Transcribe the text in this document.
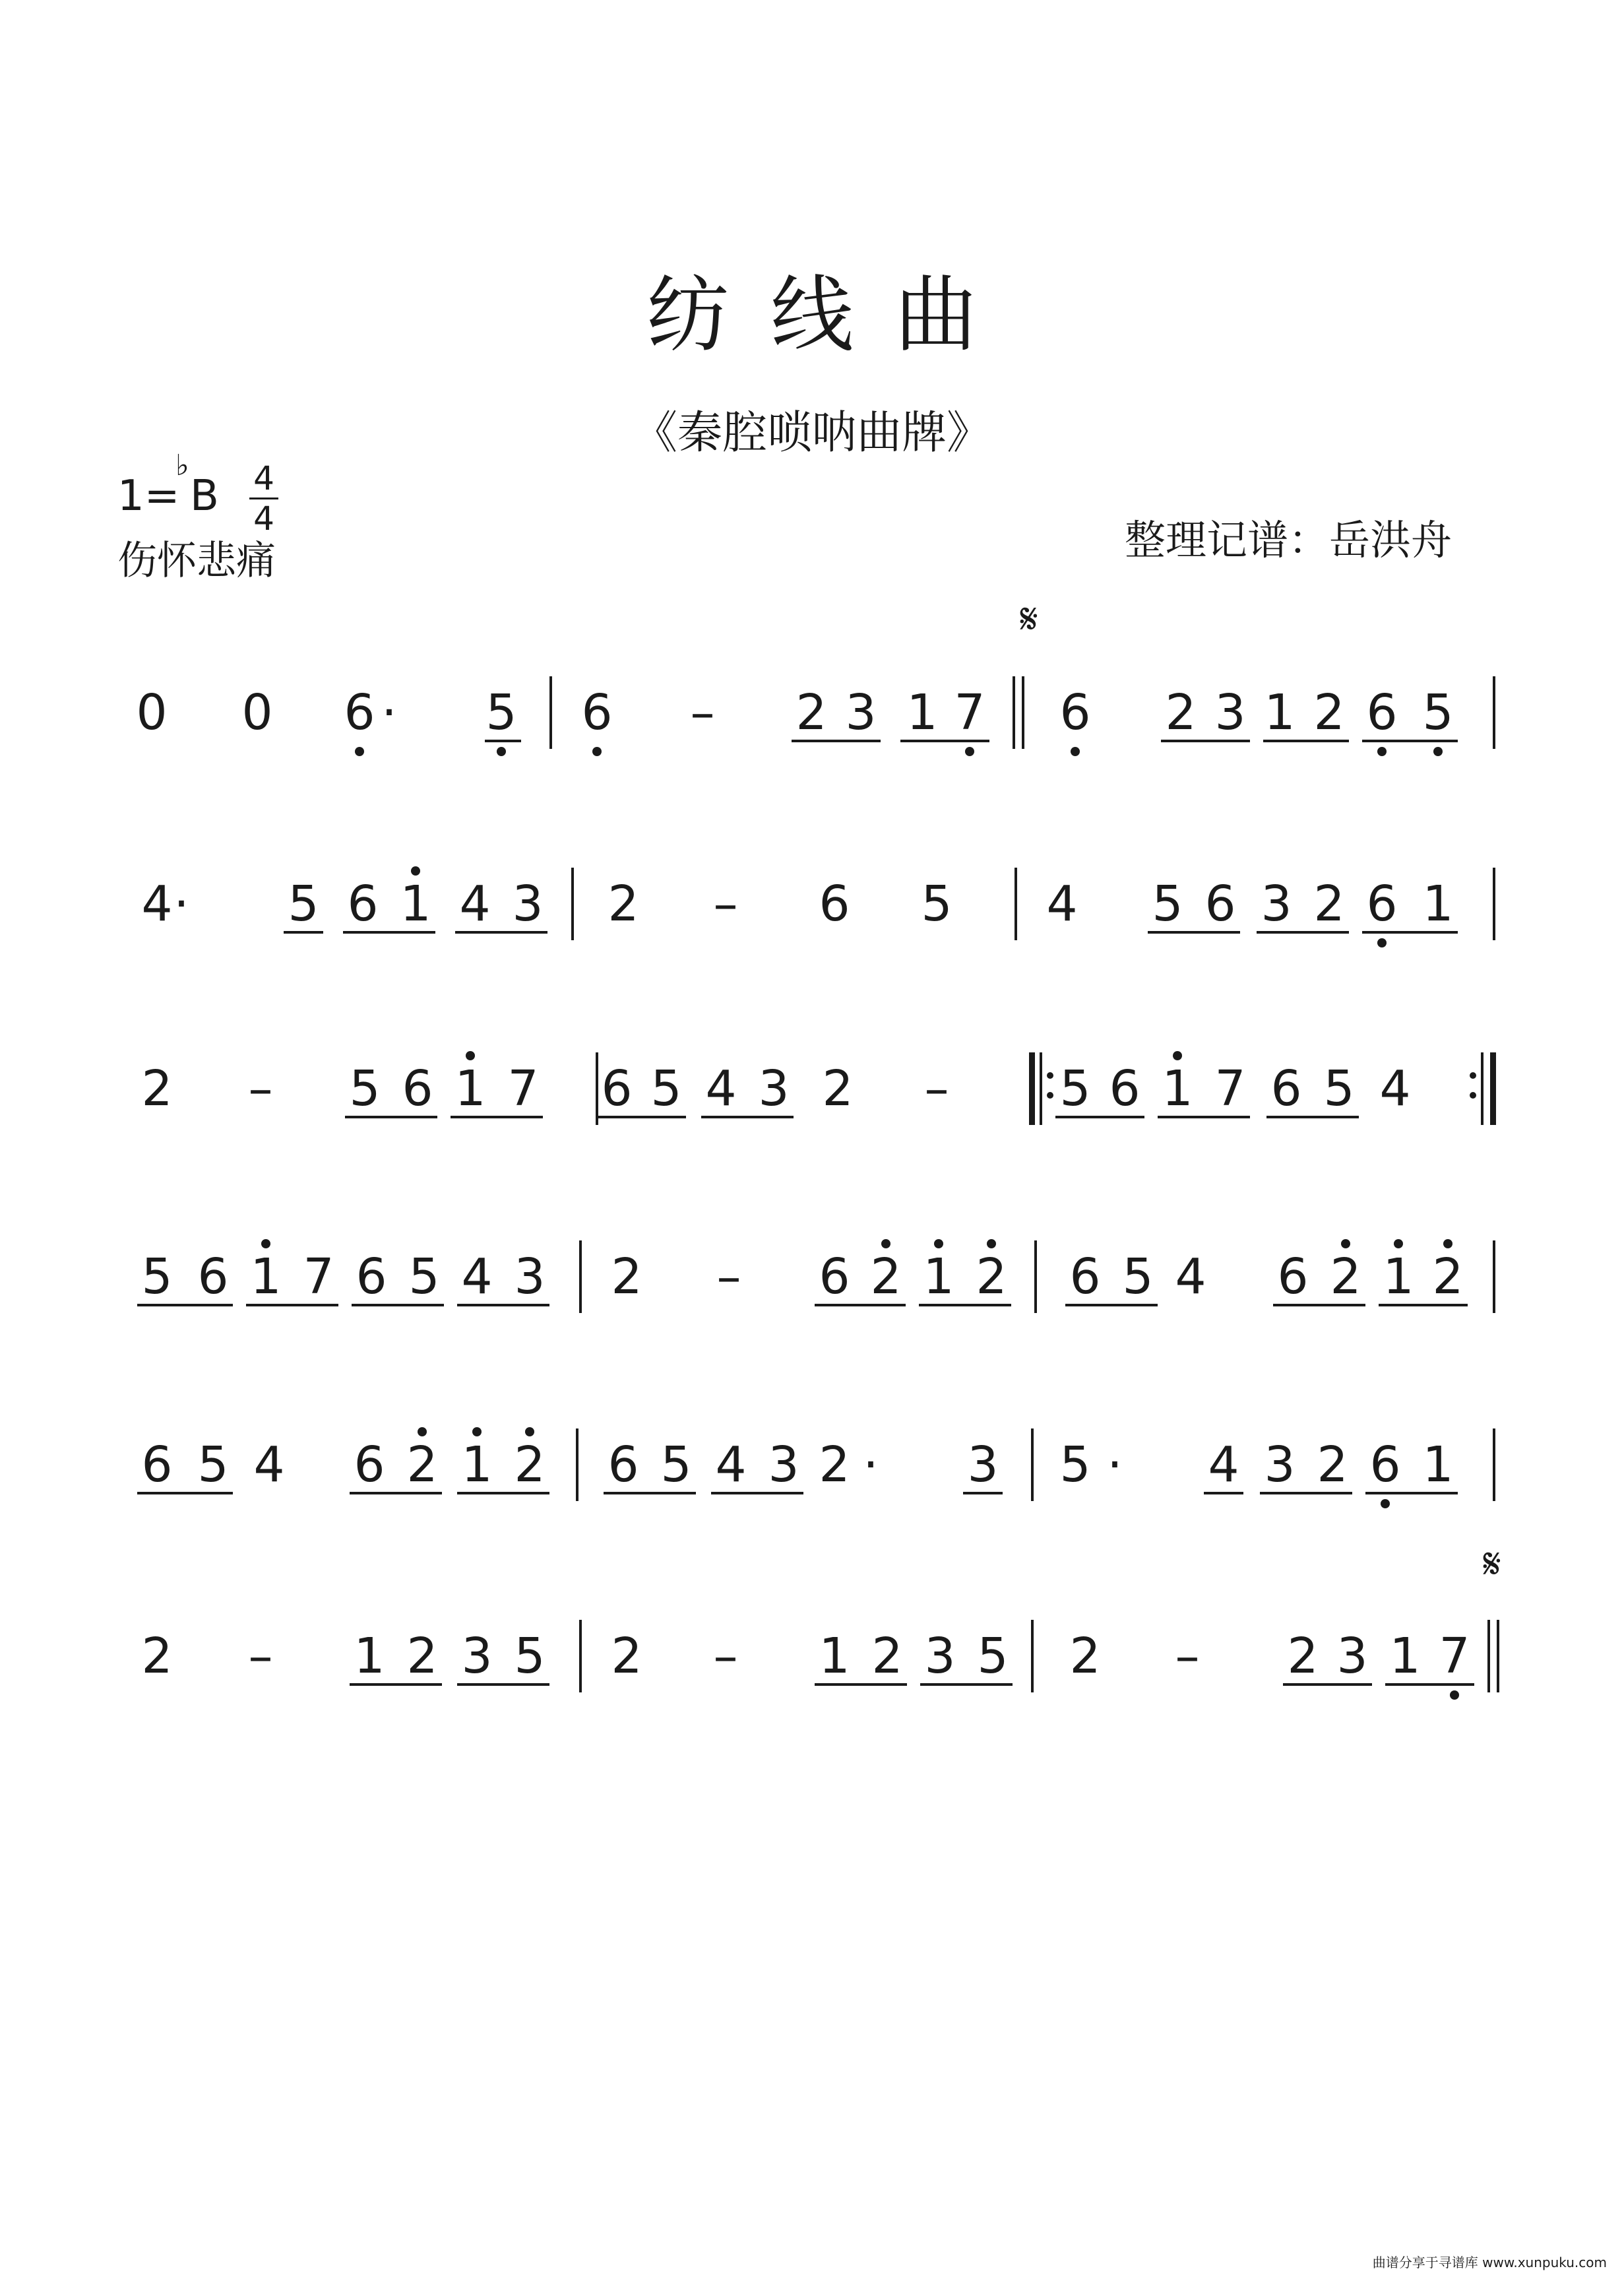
纺线曲
《秦腔唢呐曲牌》
1=
♭
B 4
4
伤怀悲痛	整理记谱：岳洪舟
0 0 6 · 5 6 – 2 3 1 7 6 2 3 1 2 6 5
4 · 5 6 1 4 3 2 – 6 5 4 5 6 3 2 6 1
2 – 5 6 1 7 6 5 4 3 2 – 5 6 1 7 6 5 4
5 6 1 7 6 5 4 3 2 – 6 2 1 2 6 5 4 6 2 1 2
6 5 4 6 2 1 2 6 5 4 3 2 · 3 5 · 4 3 2 6 1
2 – 1 2 3 5 2 – 1 2 3 5 2 – 2 3 1 7
𝄋
𝄋
曲谱分享于寻谱库 www.xunpuku.com
